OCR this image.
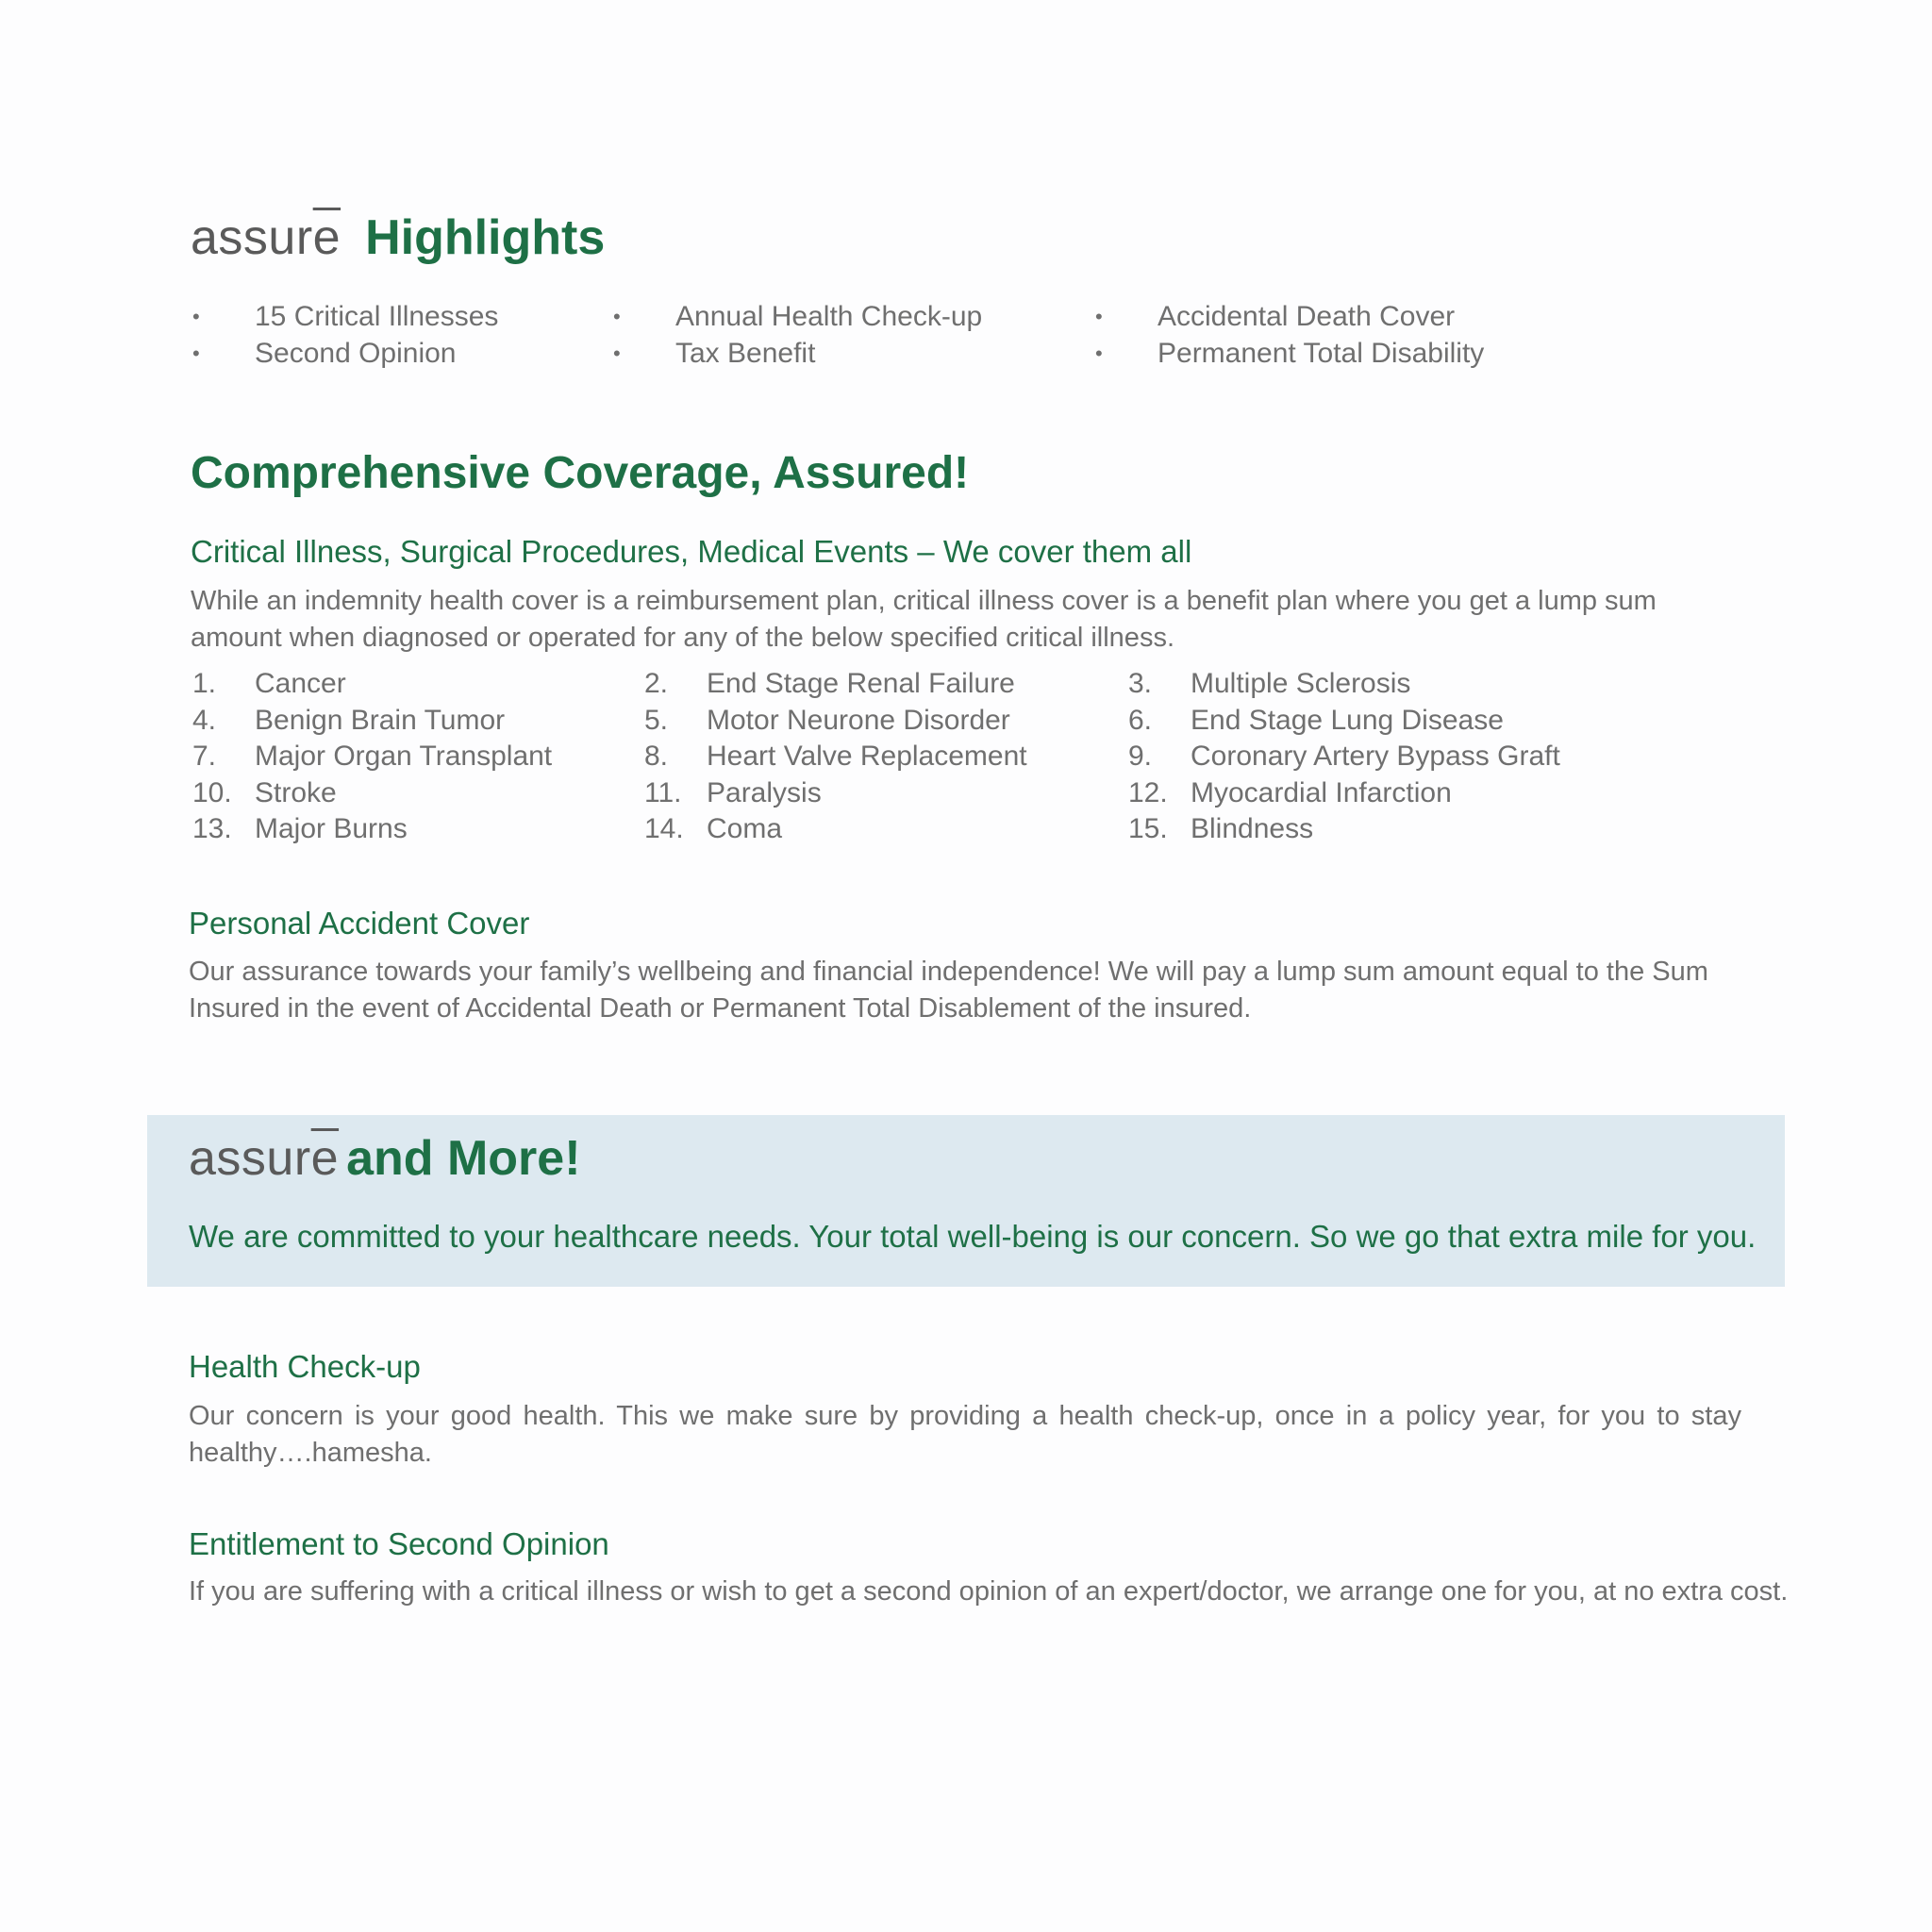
$assur\overline{e}$ Highlights
•	15 Critical Illnesses
•	Second Opinion
•	Annual Health Check-up
•	Tax Benefit
•	Accidental Death Cover
•	Permanent Total Disability
Comprehensive Coverage, Assured!
Critical Illness, Surgical Procedures, Medical Events – We cover them all
While an indemnity health cover is a reimbursement plan, critical illness cover is a benefit plan where you get a lump sum amount when diagnosed or operated for any of the below specified critical illness.
1.	Cancer
4.	Benign Brain Tumor
7.	Major Organ Transplant
10. Stroke
13. Major Burns
2.	End Stage Renal Failure
5.	Motor Neurone Disorder
8.	Heart Valve Replacement
11. Paralysis
14. Coma
3.	Multiple Sclerosis
6.	End Stage Lung Disease
9.	Coronary Artery Bypass Graft
12. Myocardial Infarction
15. Blindness
Personal Accident Cover
Our assurance towards your family’s wellbeing and financial independence! We will pay a lump sum amount equal to the Sum Insured in the event of Accidental Death or Permanent Total Disablement of the insured.
$assur\overline{e}$ and More!
We are committed to your healthcare needs. Your total well-being is our concern. So we go that extra mile for you.
Health Check-up
Our concern is your good health. This we make sure by providing a health check-up, once in a policy year, for you to stay healthy….hamesha.
Entitlement to Second Opinion
If you are suffering with a critical illness or wish to get a second opinion of an expert/doctor, we arrange one for you, at no extra cost.
